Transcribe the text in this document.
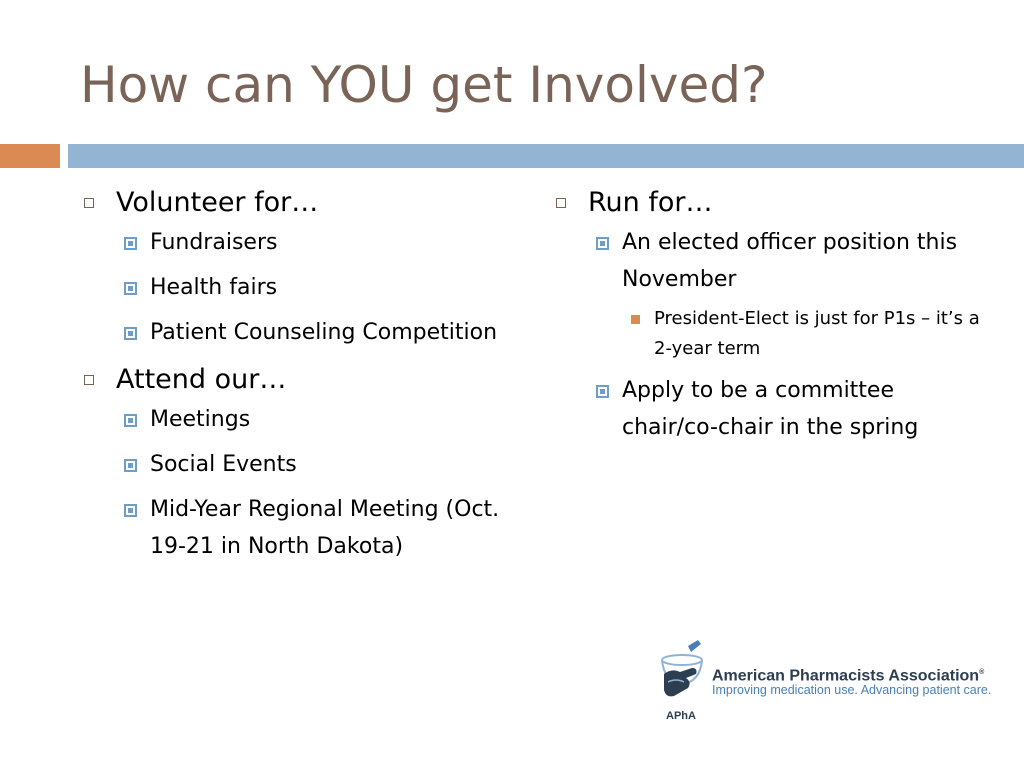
How can YOU get Involved?
Volunteer for…
Fundraisers
Health fairs
Patient Counseling Competition
Attend our…
Meetings
Social Events
Mid-Year Regional Meeting (Oct. 19-21 in North Dakota)
Run for…
An elected officer position this November
President-Elect is just for P1s – it’s a 2-year term
Apply to be a committee chair/co-chair in the spring
American Pharmacists Association®
Improving medication use. Advancing patient care.
APhA
